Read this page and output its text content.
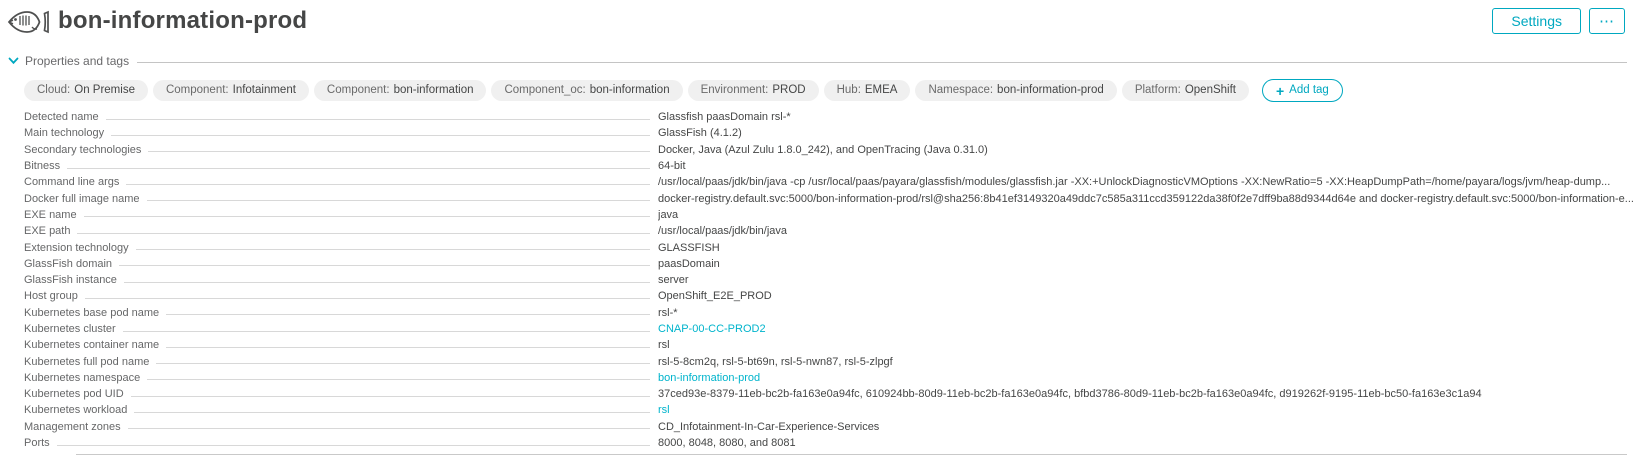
bon-information-prod	Settings	⋯
Properties and tags
Cloud: On Premise	Component: Infotainment	Component: bon-information	Component_oc: bon-information	Environment: PROD	Hub: EMEA	Namespace: bon-information-prod	Platform: OpenShift	+ Add tag
Detected name	Glassfish paasDomain rsl-*
Main technology	GlassFish (4.1.2)
Secondary technologies	Docker, Java (Azul Zulu 1.8.0_242), and OpenTracing (Java 0.31.0)
Bitness	64-bit
Command line args	/usr/local/paas/jdk/bin/java -cp /usr/local/paas/payara/glassfish/modules/glassfish.jar -XX:+UnlockDiagnosticVMOptions -XX:NewRatio=5 -XX:HeapDumpPath=/home/payara/logs/jvm/heap-dump...
Docker full image name	docker-registry.default.svc:5000/bon-information-prod/rsl@sha256:8b41ef3149320a49ddc7c585a311ccd359122da38f0f2e7dff9ba88d9344d64e and docker-registry.default.svc:5000/bon-information-e...
EXE name	java
EXE path	/usr/local/paas/jdk/bin/java
Extension technology	GLASSFISH
GlassFish domain	paasDomain
GlassFish instance	server
Host group	OpenShift_E2E_PROD
Kubernetes base pod name	rsl-*
Kubernetes cluster	CNAP-00-CC-PROD2
Kubernetes container name	rsl
Kubernetes full pod name	rsl-5-8cm2q, rsl-5-bt69n, rsl-5-nwn87, rsl-5-zlpgf
Kubernetes namespace	bon-information-prod
Kubernetes pod UID	37ced93e-8379-11eb-bc2b-fa163e0a94fc, 610924bb-80d9-11eb-bc2b-fa163e0a94fc, bfbd3786-80d9-11eb-bc2b-fa163e0a94fc, d919262f-9195-11eb-bc50-fa163e3c1a94
Kubernetes workload	rsl
Management zones	CD_Infotainment-In-Car-Experience-Services
Ports	8000, 8048, 8080, and 8081
